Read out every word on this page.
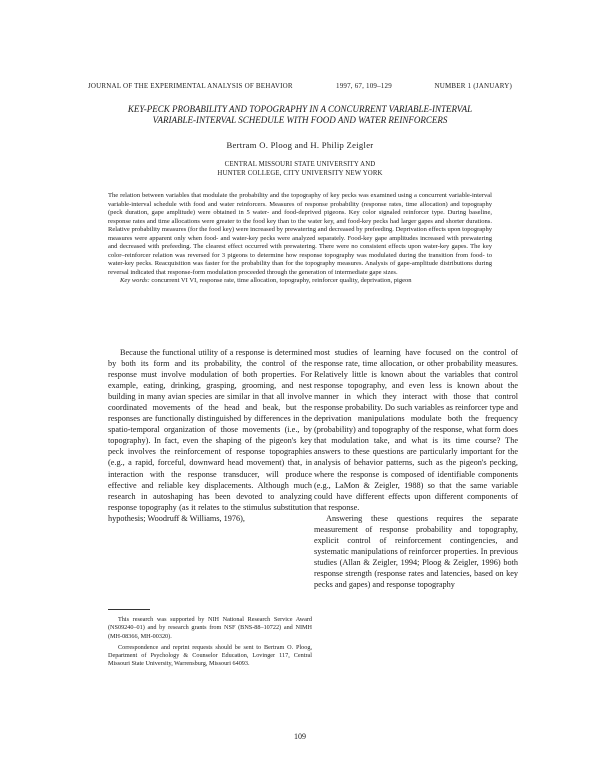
JOURNAL OF THE EXPERIMENTAL ANALYSIS OF BEHAVIOR	1997, 67, 109–129	NUMBER 1 (JANUARY)
KEY-PECK PROBABILITY AND TOPOGRAPHY IN A CONCURRENT VARIABLE-INTERVAL VARIABLE-INTERVAL SCHEDULE WITH FOOD AND WATER REINFORCERS
Bertram O. Ploog and H. Philip Zeigler
CENTRAL MISSOURI STATE UNIVERSITY AND
HUNTER COLLEGE, CITY UNIVERSITY NEW YORK

The relation between variables that modulate the probability and the topography of key pecks was examined using a concurrent variable-interval variable-interval schedule with food and water reinforcers. Measures of response probability (response rates, time allocation) and topography (peck duration, gape amplitude) were obtained in 5 water- and food-deprived pigeons. Key color signaled reinforcer type. During baseline, response rates and time allocations were greater to the food key than to the water key, and food-key pecks had larger gapes and shorter durations. Relative probability measures (for the food key) were increased by prewatering and decreased by prefeeding. Deprivation effects upon topography measures were apparent only when food- and water-key pecks were analyzed separately. Food-key gape amplitudes increased with prewatering and decreased with prefeeding. The clearest effect occurred with prewatering. There were no consistent effects upon water-key gapes. The key color–reinforcer relation was reversed for 3 pigeons to determine how response topography was modulated during the transition from food- to water-key pecks. Reacquisition was faster for the probability than for the topography measures. Analysis of gape-amplitude distributions during reversal indicated that response-form modulation proceeded through the generation of intermediate gape sizes.

Key words: concurrent VI VI, response rate, time allocation, topography, reinforcer quality, deprivation, pigeon

Because the functional utility of a response is determined by both its form and its probability, the control of the response must involve modulation of both properties. For example, eating, drinking, grasping, grooming, and nest building in many avian species are similar in that all involve coordinated movements of the head and beak, but the responses are functionally distinguished by differences in the spatio-temporal organization of those movements (i.e., by topography). In fact, even the shaping of the pigeon's key peck involves the reinforcement of response topographies (e.g., a rapid, forceful, downward head movement) that, in interaction with the response transducer, will produce effective and reliable key displacements. Although much research in autoshaping has been devoted to analyzing response topography (as it relates to the stimulus substitution hypothesis; Woodruff & Williams, 1976),

most studies of learning have focused on the control of response rate, time allocation, or other probability measures. Relatively little is known about the variables that control response topography, and even less is known about the manner in which they interact with those that control response probability. Do such variables as reinforcer type and deprivation manipulations modulate both the frequency (probability) and topography of the response, what form does that modulation take, and what is its time course? The answers to these questions are particularly important for the analysis of behavior patterns, such as the pigeon's pecking, where the response is composed of identifiable components (e.g., LaMon & Zeigler, 1988) so that the same variable could have different effects upon different components of that response.

Answering these questions requires the separate measurement of response probability and topography, explicit control of reinforcement contingencies, and systematic manipulations of reinforcer properties. In previous studies (Allan & Zeigler, 1994; Ploog & Zeigler, 1996) both response strength (response rates and latencies, based on key pecks and gapes) and response topography

This research was supported by NIH National Research Service Award (NS09240–01) and by research grants from NSF (BNS-88–10722) and NIMH (MH-08366, MH-00320).

Correspondence and reprint requests should be sent to Bertram O. Ploog, Department of Psychology & Counselor Education, Lovinger 117, Central Missouri State University, Warrensburg, Missouri 64093.

109
